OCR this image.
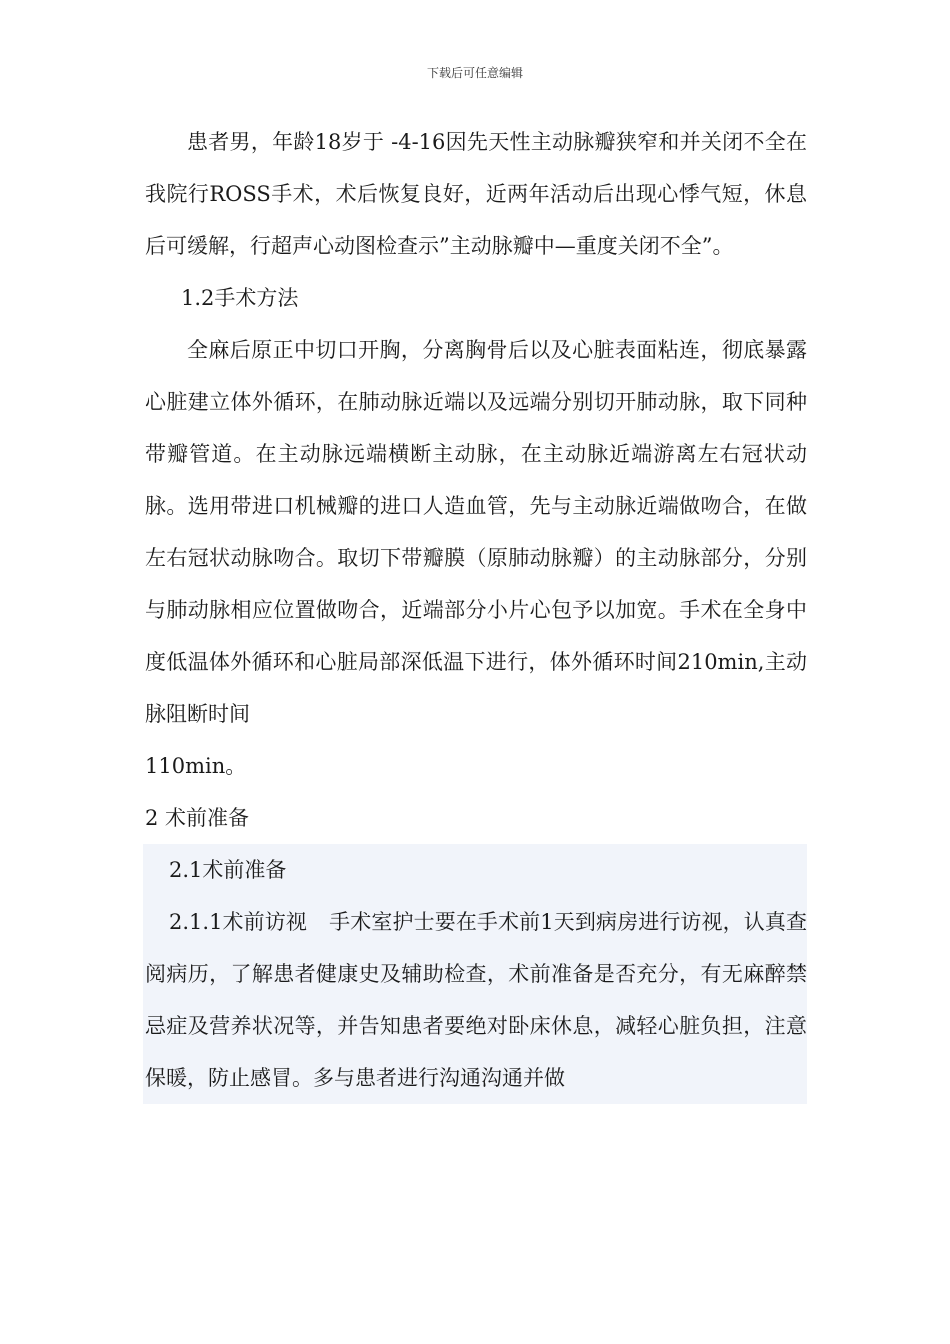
下载后可任意编辑

患者男，年龄18岁于 -4-16因先天性主动脉瓣狭窄和并关闭不全在我院行ROSS手术，术后恢复良好，近两年活动后出现心悸气短，休息后可缓解，行超声心动图检查示”主动脉瓣中—重度关闭不全”。

1.2手术方法

全麻后原正中切口开胸，分离胸骨后以及心脏表面粘连，彻底暴露心脏建立体外循环，在肺动脉近端以及远端分别切开肺动脉，取下同种带瓣管道。在主动脉远端横断主动脉，在主动脉近端游离左右冠状动脉。选用带进口机械瓣的进口人造血管，先与主动脉近端做吻合，在做左右冠状动脉吻合。取切下带瓣膜（原肺动脉瓣）的主动脉部分，分别与肺动脉相应位置做吻合，近端部分小片心包予以加宽。手术在全身中度低温体外循环和心脏局部深低温下进行，体外循环时间210min,主动脉阻断时间

110min。

2 术前准备

2.1术前准备

2.1.1术前访视 手术室护士要在手术前1天到病房进行访视，认真查阅病历，了解患者健康史及辅助检查，术前准备是否充分，有无麻醉禁忌症及营养状况等，并告知患者要绝对卧床休息，减轻心脏负担，注意保暖，防止感冒。多与患者进行沟通沟通并做
